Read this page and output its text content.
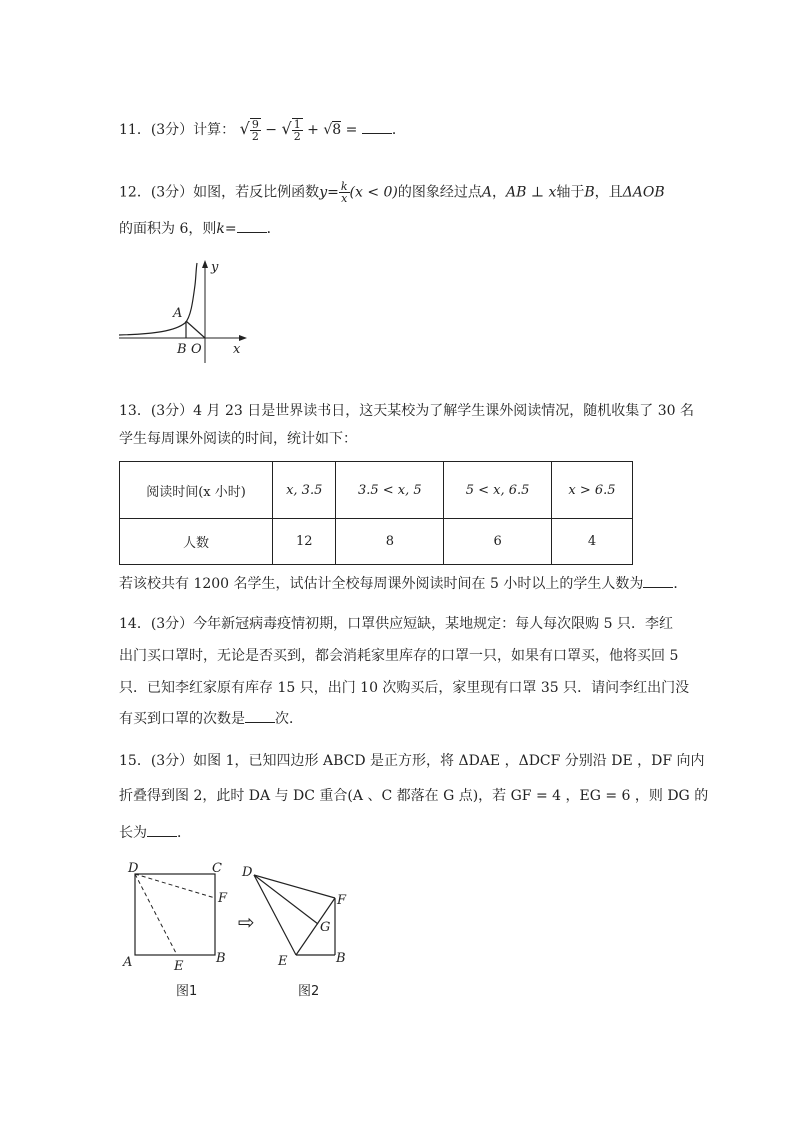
11．(3分）计算： √ $\frac{9}{2}$ − √ $\frac{1}{2} + √8$ = ．
12．(3分）如图，若反比例函数$y= \frac{k}{x} (x < 0)$的图象经过点A，AB ⊥ x轴于B，且ΔAOB
的面积为 6，则k= ．
A
B O x
y
13．(3分）4 月 23 日是世界读书日，这天某校为了解学生课外阅读情况，随机收集了 30 名
学生每周课外阅读的时间，统计如下：
阅读时间(x 小时)	x, 3.5	3.5 < x, 5	5 < x, 6.5	x > 6.5
人数	12	8	6	4
若该校共有 1200 名学生，试估计全校每周课外阅读时间在 5 小时以上的学生人数为 ．
14．(3分）今年新冠病毒疫情初期，口罩供应短缺，某地规定：每人每次限购 5 只．李红
出门买口罩时，无论是否买到，都会消耗家里库存的口罩一只，如果有口罩买，他将买回 5
只．已知李红家原有库存 15 只，出门 10 次购买后，家里现有口罩 35 只．请问李红出门没
有买到口罩的次数是 次．
15．(3分）如图 1，已知四边形 ABCD 是正方形，将 ΔDAE ，ΔDCF 分别沿 DE ，DF 向内
折叠得到图 2，此时 DA 与 DC 重合(A 、C 都落在 G 点)，若 GF = 4 ，EG = 6 ，则 DG 的
长为 ．
D	C
F
A	E
B
图1
⇨
D
F
G
E	B
图2
